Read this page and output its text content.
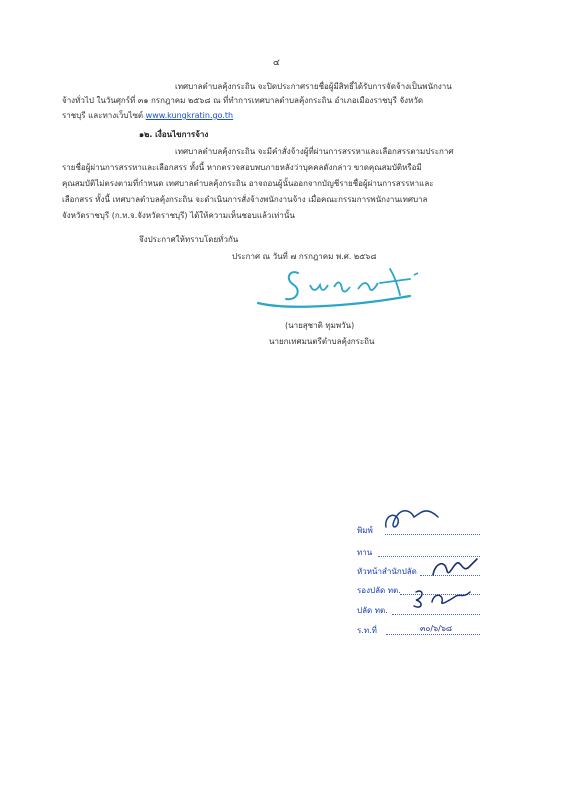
๔
เทศบาลตำบลคุ้งกระถิน จะปิดประกาศรายชื่อผู้มีสิทธิ์ได้รับการจัดจ้างเป็นพนักงาน
จ้างทั่วไป ในวันศุกร์ที่ ๓๑ กรกฎาคม ๒๕๖๘ ณ ที่ทำการเทศบาลตำบลคุ้งกระถิน อำเภอเมืองราชบุรี จังหวัด
ราชบุรี และทางเว็บไซต์ www.kungkratin.go.th
๑๒. เงื่อนไขการจ้าง
เทศบาลตำบลคุ้งกระถิน จะมีคำสั่งจ้างผู้ที่ผ่านการสรรหาและเลือกสรรตามประกาศ
รายชื่อผู้ผ่านการสรรหาและเลือกสรร ทั้งนี้ หากตรวจสอบพบภายหลังว่าบุคคลดังกล่าว ขาดคุณสมบัติหรือมี
คุณสมบัติไม่ตรงตามที่กำหนด เทศบาลตำบลคุ้งกระถิน อาจถอนผู้นั้นออกจากบัญชีรายชื่อผู้ผ่านการสรรหาและ
เลือกสรร ทั้งนี้ เทศบาลตำบลคุ้งกระถิน จะดำเนินการสั่งจ้างพนักงานจ้าง เมื่อคณะกรรมการพนักงานเทศบาล
จังหวัดราชบุรี (ก.ท.จ.จังหวัดราชบุรี) ได้ให้ความเห็นชอบแล้วเท่านั้น
จึงประกาศให้ทราบโดยทั่วกัน
ประกาศ ณ วันที่ ๗ กรกฎาคม พ.ศ. ๒๕๖๘
(นายสุชาติ ทุมพวัน)
นายกเทศมนตรีตำบลคุ้งกระถิน
พิมพ์
ทาน
หัวหน้าสำนักปลัด
รองปลัด ทต.
ปลัด ทต.
ร.ท.ที่	๓๐/๖/๖๘
